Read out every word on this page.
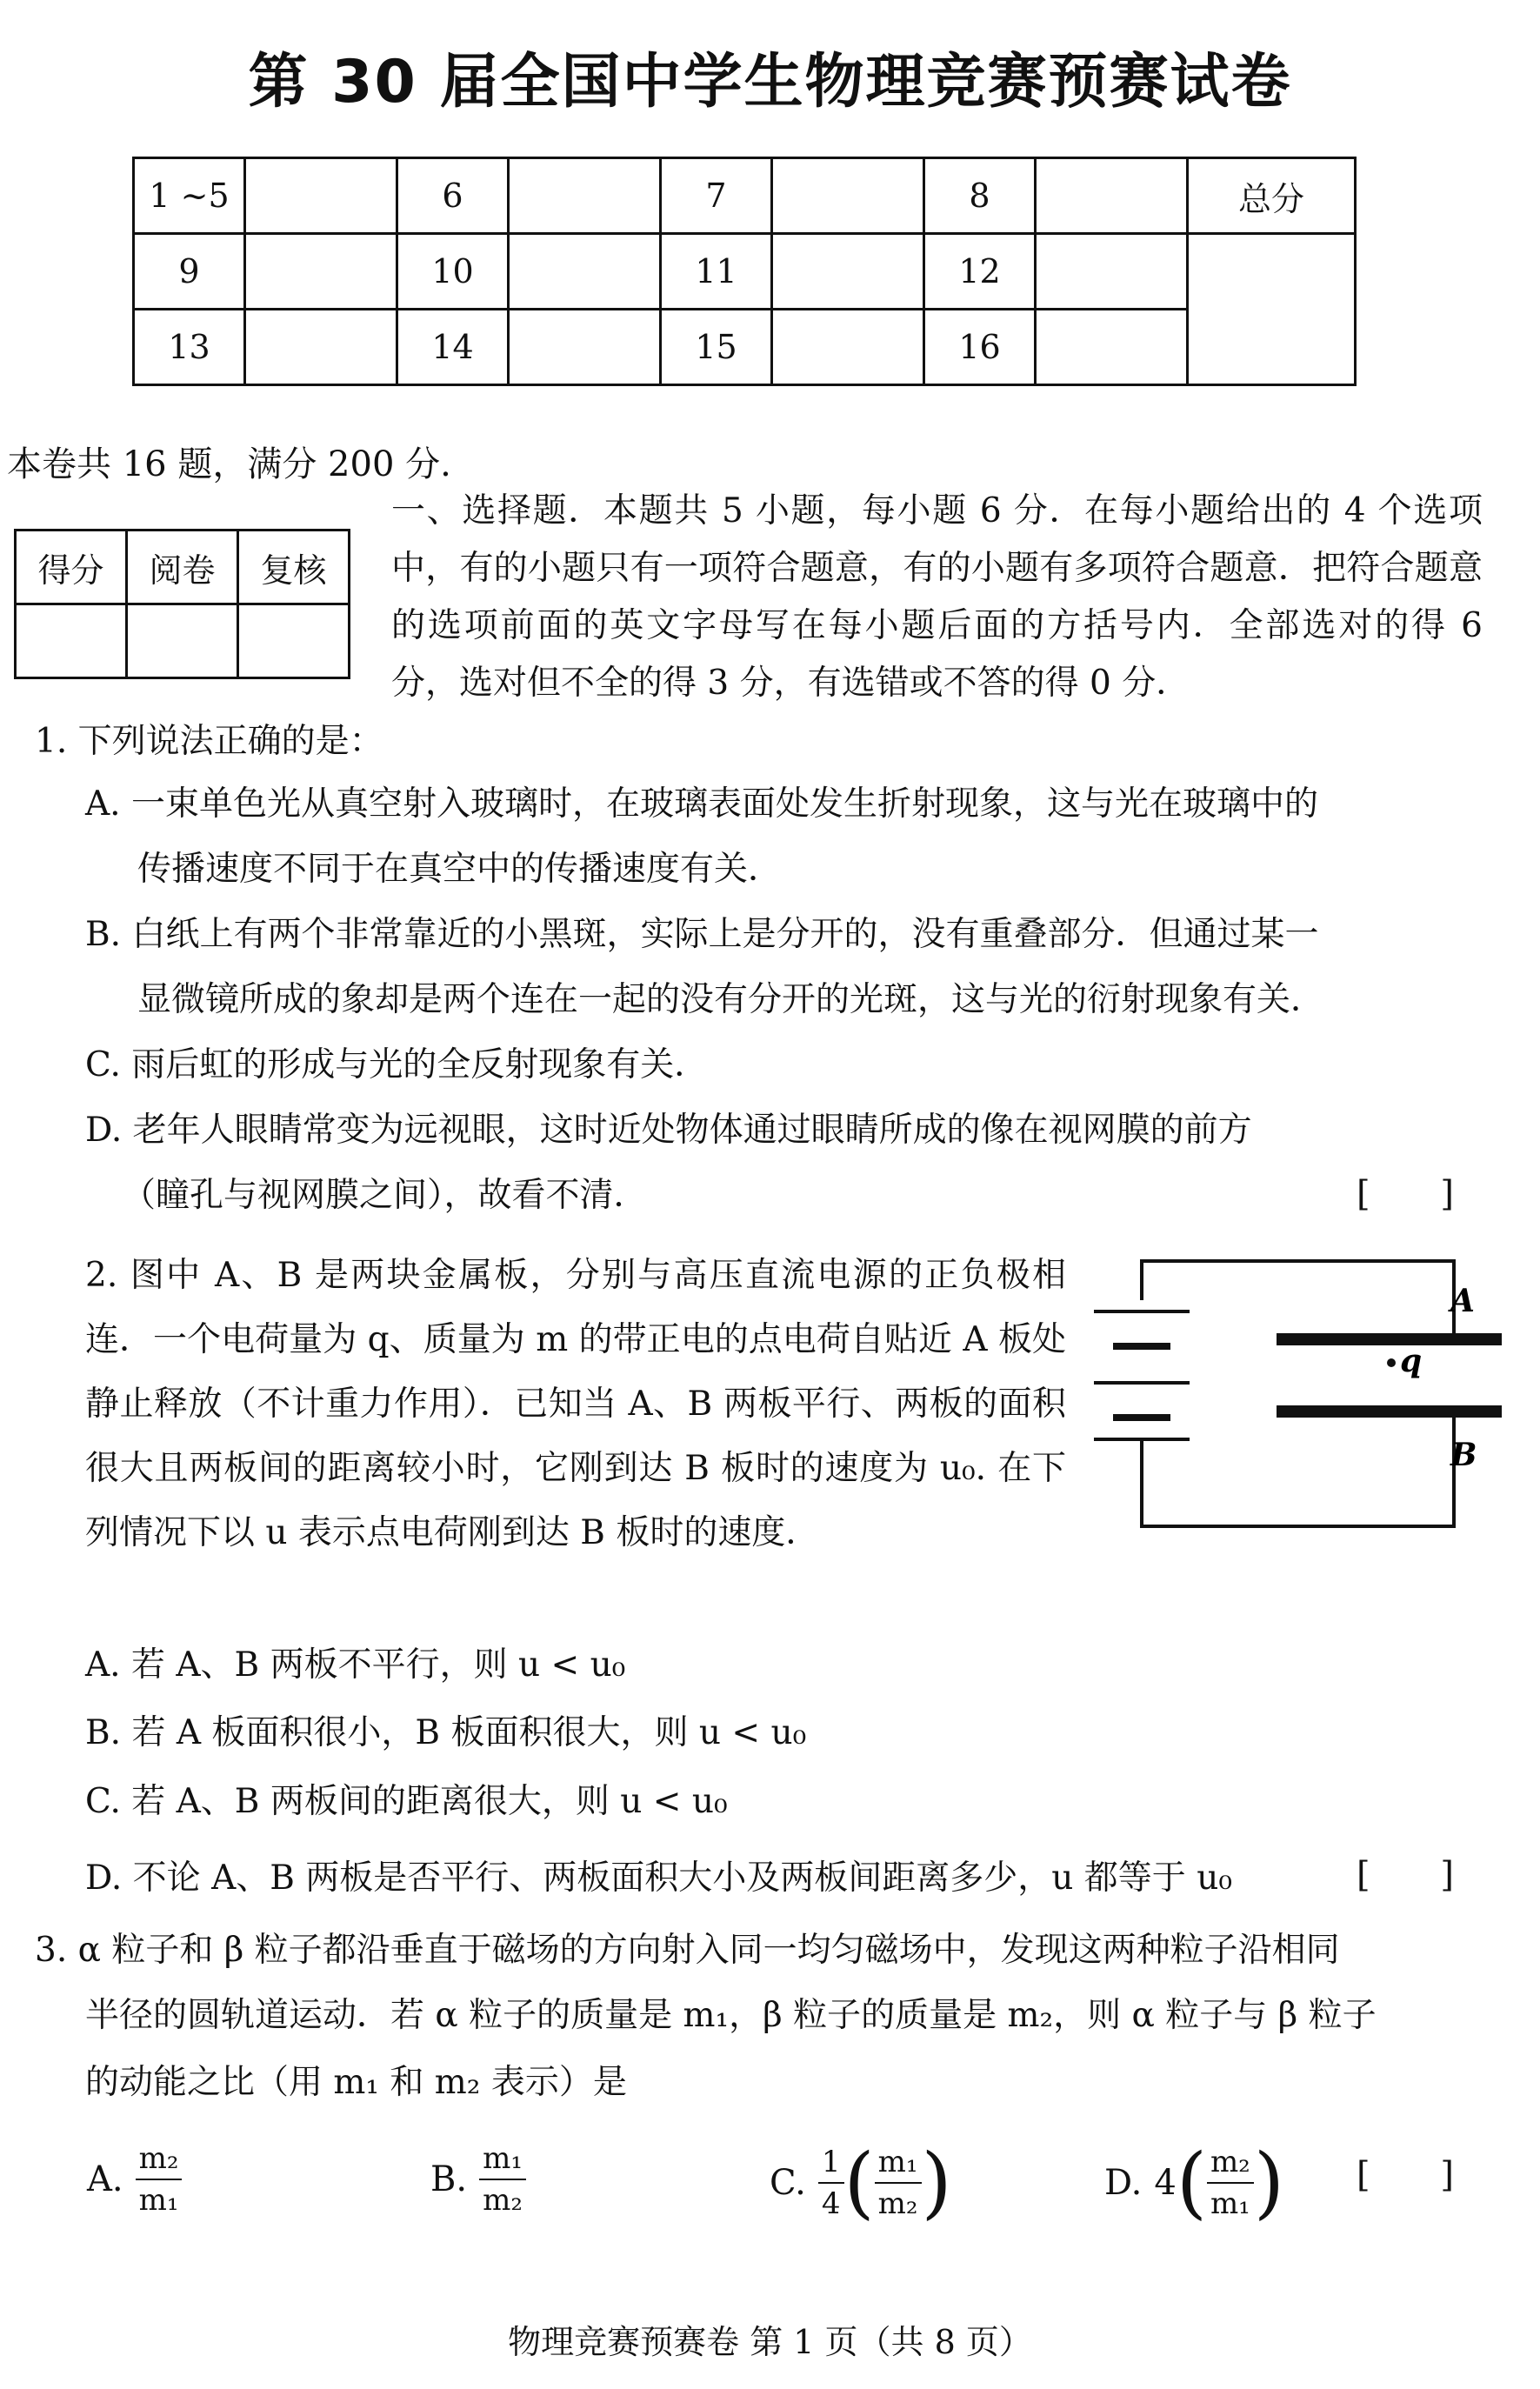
第 30 届全国中学生物理竞赛预赛试卷
1 ~5		6		7		8		总分
9		10		11		12		
13		14		15		16		
本卷共 16 题，满分 200 分.
得分	阅卷	复核

一、选择题．本题共 5 小题，每小题 6 分．在每小题给出的 4 个选项中，有的小题只有一项符合题意，有的小题有多项符合题意．把符合题意的选项前面的英文字母写在每小题后面的方括号内．全部选对的得 6 分，选对但不全的得 3 分，有选错或不答的得 0 分．
1. 下列说法正确的是：
A. 一束单色光从真空射入玻璃时，在玻璃表面处发生折射现象，这与光在玻璃中的
传播速度不同于在真空中的传播速度有关．
B. 白纸上有两个非常靠近的小黑斑，实际上是分开的，没有重叠部分．但通过某一
显微镜所成的象却是两个连在一起的没有分开的光斑，这与光的衍射现象有关．
C. 雨后虹的形成与光的全反射现象有关．
D. 老年人眼睛常变为远视眼，这时近处物体通过眼睛所成的像在视网膜的前方
（瞳孔与视网膜之间），故看不清．	[ ]
2. 图中 A、B 是两块金属板，分别与高压直流电源的正负极相连．一个电荷量为 q、质量为 m 的带正电的点电荷自贴近 A 板处静止释放（不计重力作用）．已知当 A、B 两板平行、两板的面积很大且两板间的距离较小时，它刚到达 B 板时的速度为 u₀. 在下列情况下以 u 表示点电荷刚到达 B 板时的速度．
A
q
B
A. 若 A、B 两板不平行，则 u < u₀
B. 若 A 板面积很小，B 板面积很大，则 u < u₀
C. 若 A、B 两板间的距离很大，则 u < u₀
D. 不论 A、B 两板是否平行、两板面积大小及两板间距离多少，u 都等于 u₀	[ ]
3. α 粒子和 β 粒子都沿垂直于磁场的方向射入同一均匀磁场中，发现这两种粒子沿相同
半径的圆轨道运动．若 α 粒子的质量是 m₁，β 粒子的质量是 m₂，则 α 粒子与 β 粒子
的动能之比（用 m₁ 和 m₂ 表示）是
A. $\frac{\text{m₂}}{\text{m₁}}$	B. $\frac{\text{m₁}}{\text{m₂}}$	C. $\frac{1}{4}$ ( $\frac{\text{m₁}}{\text{m₂}}$ )	D. 4 ( $\frac{\text{m₂}}{\text{m₁}}$ ) [ ]
物理竞赛预赛卷 第 1 页（共 8 页）
